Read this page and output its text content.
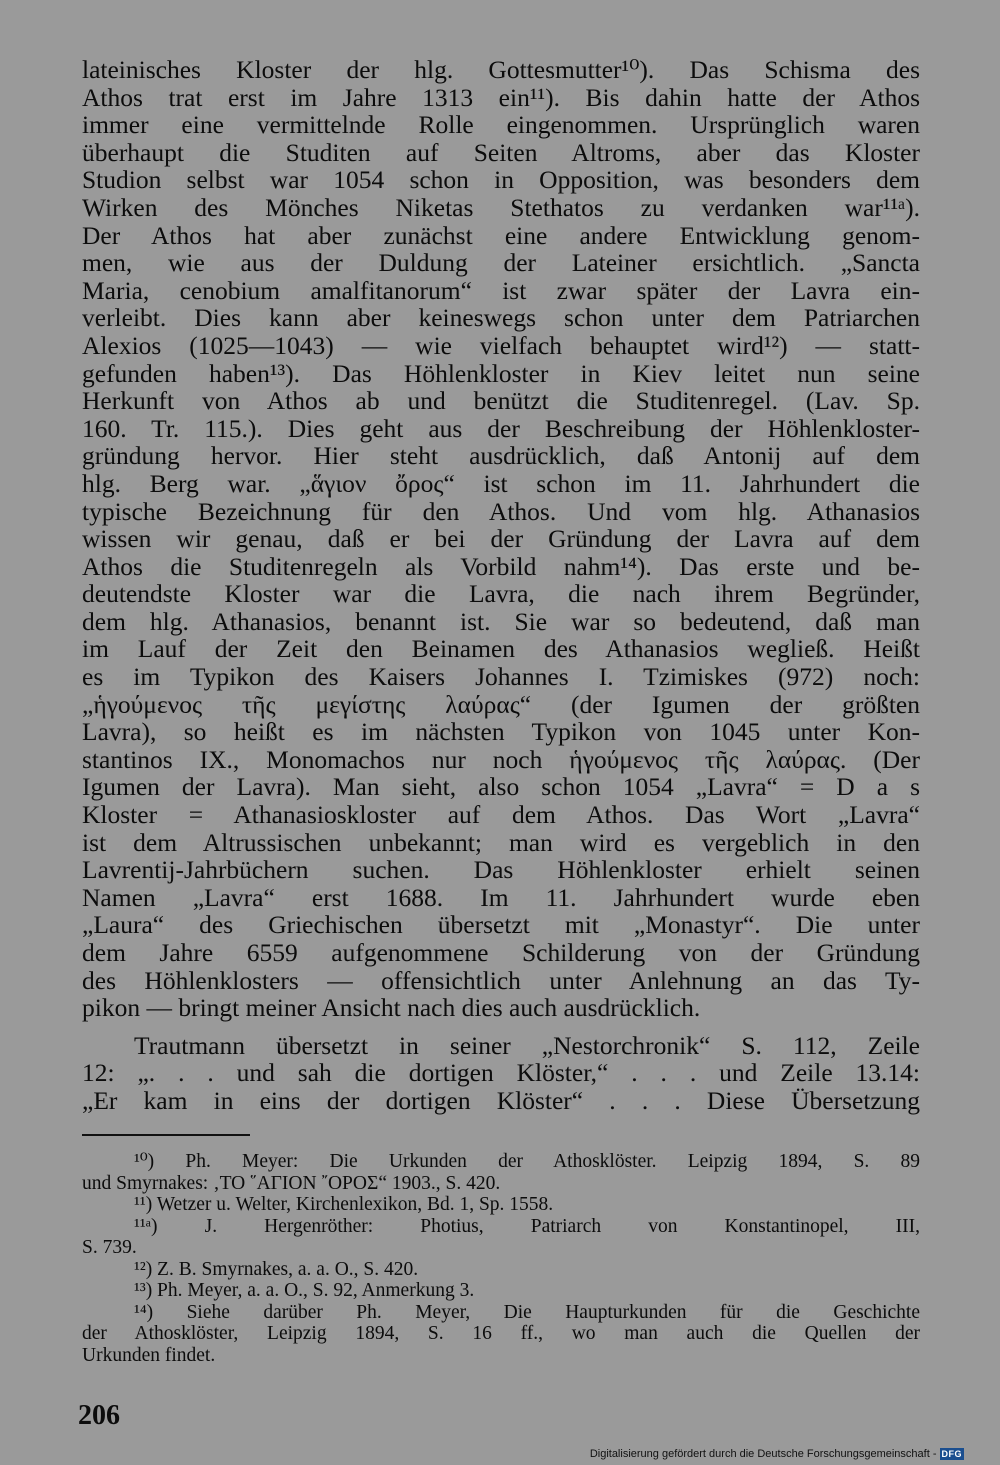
lateinisches Kloster der hlg. Gottesmutter¹⁰). Das Schisma des

Athos trat erst im Jahre 1313 ein¹¹). Bis dahin hatte der Athos

immer eine vermittelnde Rolle eingenommen. Ursprünglich waren

überhaupt die Studiten auf Seiten Altroms, aber das Kloster

Studion selbst war 1054 schon in Opposition, was besonders dem

Wirken des Mönches Niketas Stethatos zu verdanken war¹¹ᵃ).

Der Athos hat aber zunächst eine andere Entwicklung genom-

men, wie aus der Duldung der Lateiner ersichtlich. „Sancta

Maria, cenobium amalfitanorum“ ist zwar später der Lavra ein-

verleibt. Dies kann aber keineswegs schon unter dem Patriarchen

Alexios (1025—1043) — wie vielfach behauptet wird¹²) — statt-

gefunden haben¹³). Das Höhlenkloster in Kiev leitet nun seine

Herkunft von Athos ab und benützt die Studitenregel. (Lav. Sp.

160. Tr. 115.). Dies geht aus der Beschreibung der Höhlenkloster-

gründung hervor. Hier steht ausdrücklich, daß Antonij auf dem

hlg. Berg war. „ἅγιον ὄρος“ ist schon im 11. Jahrhundert die

typische Bezeichnung für den Athos. Und vom hlg. Athanasios

wissen wir genau, daß er bei der Gründung der Lavra auf dem

Athos die Studitenregeln als Vorbild nahm¹⁴). Das erste und be-

deutendste Kloster war die Lavra, die nach ihrem Begründer,

dem hlg. Athanasios, benannt ist. Sie war so bedeutend, daß man

im Lauf der Zeit den Beinamen des Athanasios wegließ. Heißt

es im Typikon des Kaisers Johannes I. Tzimiskes (972) noch:

„ἡγούμενος τῆς μεγίστης λαύρας“ (der Igumen der größten

Lavra), so heißt es im nächsten Typikon von 1045 unter Kon-

stantinos IX., Monomachos nur noch ἡγούμενος τῆς λαύρας. (Der

Igumen der Lavra). Man sieht, also schon 1054 „Lavra“ = D a s

Kloster = Athanasioskloster auf dem Athos. Das Wort „Lavra“

ist dem Altrussischen unbekannt; man wird es vergeblich in den

Lavrentij-Jahrbüchern suchen. Das Höhlenkloster erhielt seinen

Namen „Lavra“ erst 1688. Im 11. Jahrhundert wurde eben

„Laura“ des Griechischen übersetzt mit „Monastyr“. Die unter

dem Jahre 6559 aufgenommene Schilderung von der Gründung

des Höhlenklosters — offensichtlich unter Anlehnung an das Ty-

pikon — bringt meiner Ansicht nach dies auch ausdrücklich.

Trautmann übersetzt in seiner „Nestorchronik“ S. 112, Zeile

12: „. . . und sah die dortigen Klöster,“ . . . und Zeile 13.14:

„Er kam in eins der dortigen Klöster“ . . . Diese Übersetzung

¹⁰) Ph. Meyer: Die Urkunden der Athosklöster. Leipzig 1894, S. 89

und Smyrnakes: ‚ΤΟ ῞ΑΓΙΟΝ ῎ΟΡΟΣ“ 1903., S. 420.

¹¹) Wetzer u. Welter, Kirchenlexikon, Bd. 1, Sp. 1558.

¹¹ᵃ) J. Hergenröther: Photius, Patriarch von Konstantinopel, III,

S. 739.

¹²) Z. B. Smyrnakes, a. a. O., S. 420.

¹³) Ph. Meyer, a. a. O., S. 92, Anmerkung 3.

¹⁴) Siehe darüber Ph. Meyer, Die Haupturkunden für die Geschichte

der Athosklöster, Leipzig 1894, S. 16 ff., wo man auch die Quellen der

Urkunden findet.

206
Digitalisierung gefördert durch die Deutsche Forschungsgemeinschaft - DFG
